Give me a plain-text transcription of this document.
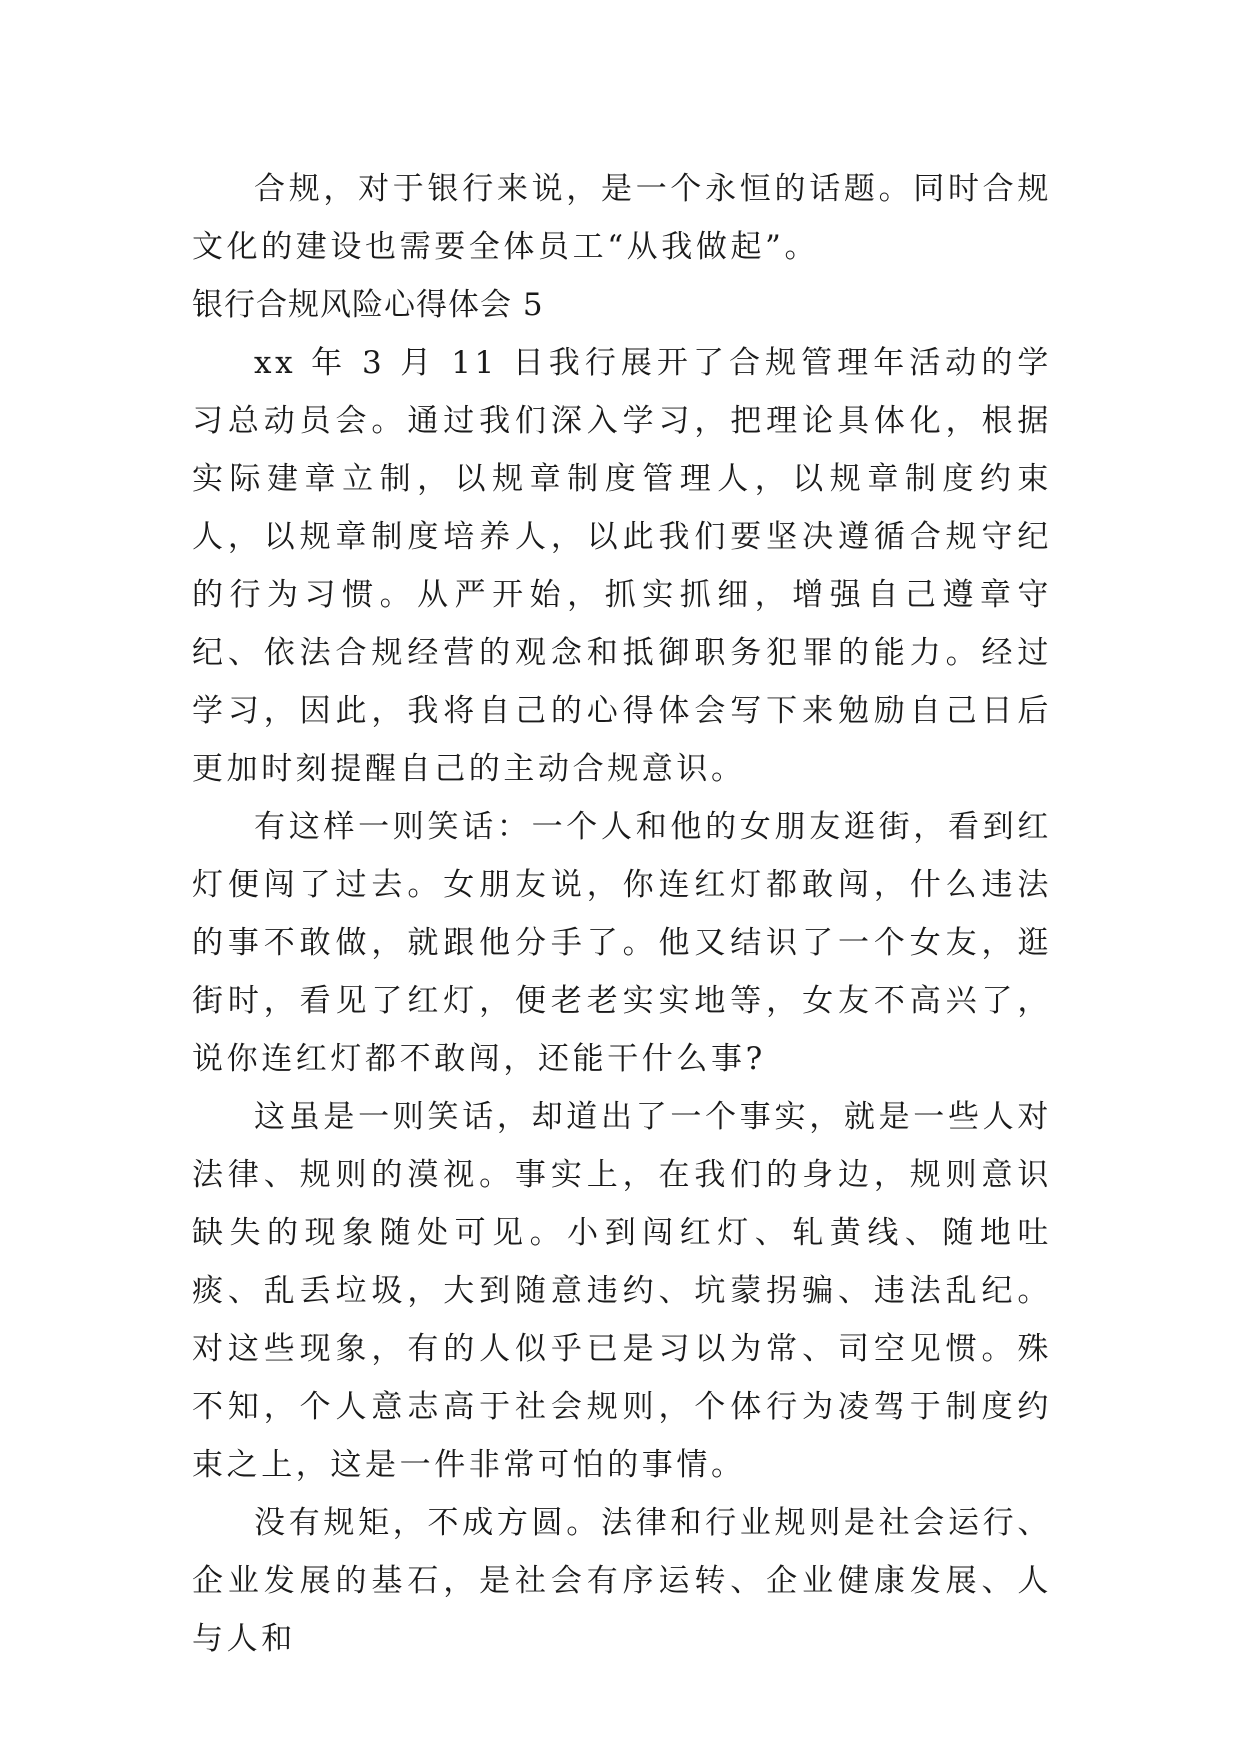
合规，对于银行来说，是一个永恒的话题。同时合规文化的建设也需要全体员工“从我做起”。

银行合规风险心得体会 5

xx 年 3 月 11 日我行展开了合规管理年活动的学习总动员会。通过我们深入学习，把理论具体化，根据实际建章立制，以规章制度管理人，以规章制度约束人，以规章制度培养人，以此我们要坚决遵循合规守纪的行为习惯。从严开始，抓实抓细，增强自己遵章守纪、依法合规经营的观念和抵御职务犯罪的能力。经过学习，因此，我将自己的心得体会写下来勉励自己日后更加时刻提醒自己的主动合规意识。

有这样一则笑话：一个人和他的女朋友逛街，看到红灯便闯了过去。女朋友说，你连红灯都敢闯，什么违法的事不敢做，就跟他分手了。他又结识了一个女友，逛街时，看见了红灯，便老老实实地等，女友不高兴了，说你连红灯都不敢闯，还能干什么事?

这虽是一则笑话，却道出了一个事实，就是一些人对法律、规则的漠视。事实上，在我们的身边，规则意识缺失的现象随处可见。小到闯红灯、轧黄线、随地吐痰、乱丢垃圾，大到随意违约、坑蒙拐骗、违法乱纪。对这些现象，有的人似乎已是习以为常、司空见惯。殊不知，个人意志高于社会规则，个体行为凌驾于制度约束之上，这是一件非常可怕的事情。

没有规矩，不成方圆。法律和行业规则是社会运行、企业发展的基石，是社会有序运转、企业健康发展、人与人和
